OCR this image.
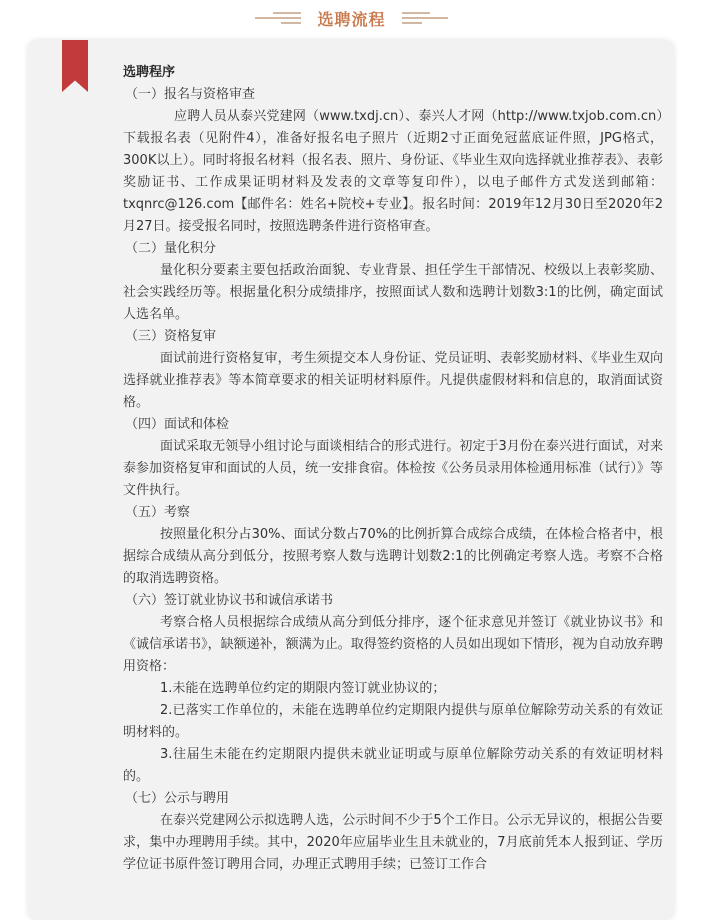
选聘流程

选聘程序

（一）报名与资格审查

应聘人员从泰兴党建网（www.txdj.cn）、泰兴人才网（http://www.txjob.com.cn）下载报名表（见附件4），准备好报名电子照片（近期2寸正面免冠蓝底证件照，JPG格式，300K以上）。同时将报名材料（报名表、照片、身份证、《毕业生双向选择就业推荐表》、表彰奖励证书、工作成果证明材料及发表的文章等复印件），以电子邮件方式发送到邮箱：txqnrc@126.com【邮件名：姓名+院校+专业】。报名时间：2019年12月30日至2020年2月27日。接受报名同时，按照选聘条件进行资格审查。

（二）量化积分

量化积分要素主要包括政治面貌、专业背景、担任学生干部情况、校级以上表彰奖励、社会实践经历等。根据量化积分成绩排序，按照面试人数和选聘计划数3:1的比例，确定面试人选名单。

（三）资格复审

面试前进行资格复审，考生须提交本人身份证、党员证明、表彰奖励材料、《毕业生双向选择就业推荐表》等本简章要求的相关证明材料原件。凡提供虚假材料和信息的，取消面试资格。

（四）面试和体检

面试采取无领导小组讨论与面谈相结合的形式进行。初定于3月份在泰兴进行面试，对来泰参加资格复审和面试的人员，统一安排食宿。体检按《公务员录用体检通用标准（试行）》等文件执行。

（五）考察

按照量化积分占30%、面试分数占70%的比例折算合成综合成绩，在体检合格者中，根据综合成绩从高分到低分，按照考察人数与选聘计划数2:1的比例确定考察人选。考察不合格的取消选聘资格。

（六）签订就业协议书和诚信承诺书

考察合格人员根据综合成绩从高分到低分排序，逐个征求意见并签订《就业协议书》和《诚信承诺书》，缺额递补，额满为止。取得签约资格的人员如出现如下情形，视为自动放弃聘用资格：

1.未能在选聘单位约定的期限内签订就业协议的；

2.已落实工作单位的，未能在选聘单位约定期限内提供与原单位解除劳动关系的有效证明材料的。

3.往届生未能在约定期限内提供未就业证明或与原单位解除劳动关系的有效证明材料的。

（七）公示与聘用

在泰兴党建网公示拟选聘人选，公示时间不少于5个工作日。公示无异议的，根据公告要求，集中办理聘用手续。其中，2020年应届毕业生且未就业的，7月底前凭本人报到证、学历学位证书原件签订聘用合同，办理正式聘用手续；已签订工作合
